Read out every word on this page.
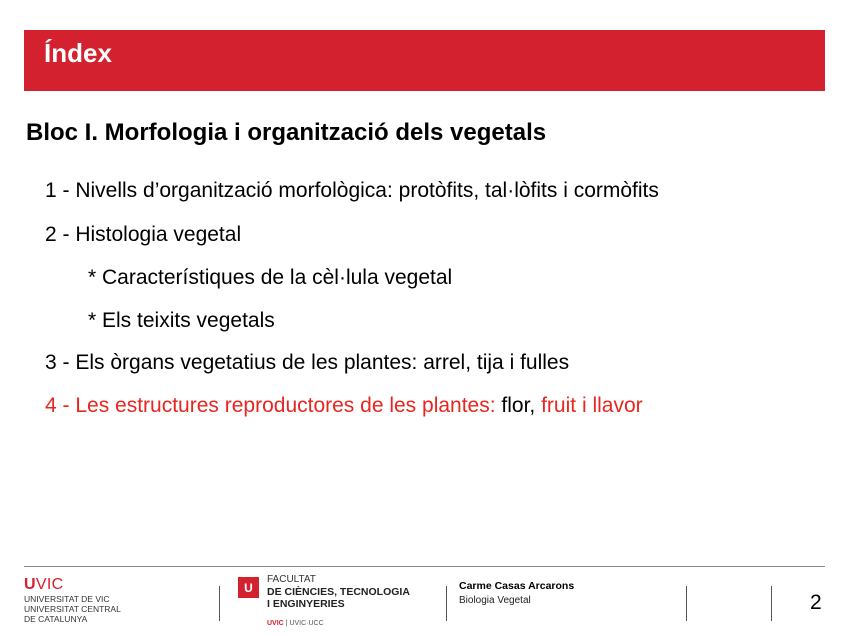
Índex
Bloc I. Morfologia i organització dels vegetals
1 - Nivells d’organització morfològica: protòfits, tal·lòfits i cormòfits
2 - Histologia vegetal
* Característiques de la cèl·lula vegetal
* Els teixits vegetals
3 - Els òrgans vegetatius de les plantes: arrel, tija i fulles
4 - Les estructures reproductores de les plantes: flor, fruit i llavor
UVIC
UNIVERSITAT DE VIC
UNIVERSITAT CENTRAL
DE CATALUNYA
U
FACULTAT
DE CIÈNCIES, TECNOLOGIA
I ENGINYERIES
UVIC | UVIC·UCC
Carme Casas Arcarons
Biologia Vegetal	2
